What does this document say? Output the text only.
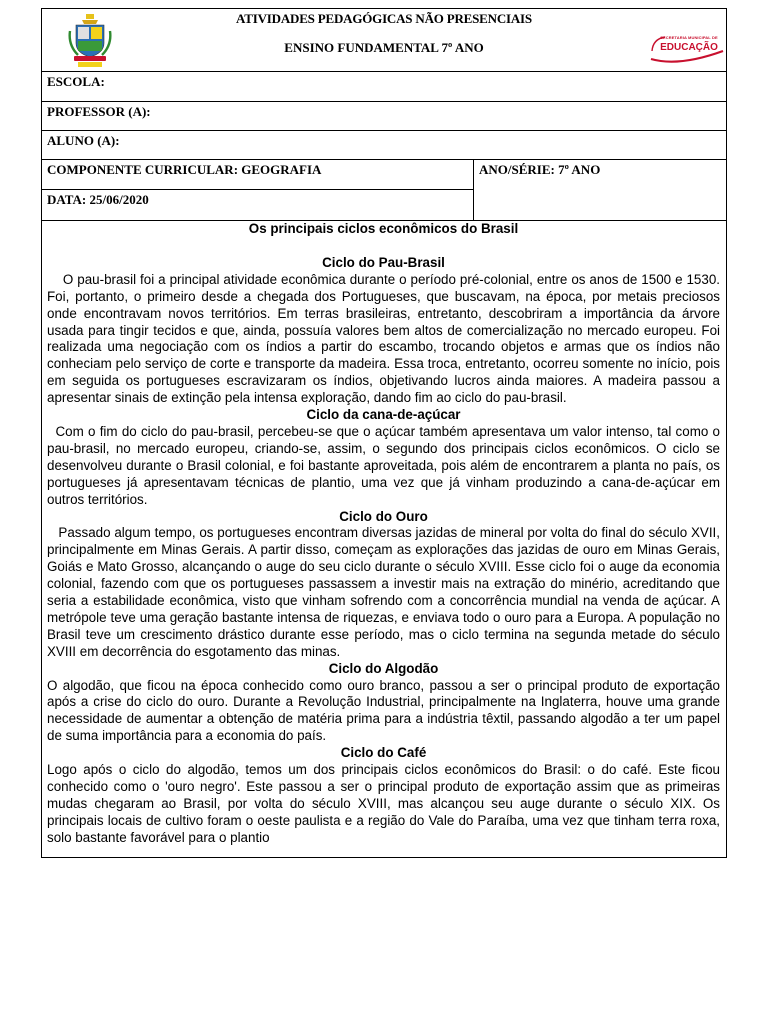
ATIVIDADES PEDAGÓGICAS NÃO PRESENCIAIS
ENSINO FUNDAMENTAL 7º ANO
SECRETARIA MUNICIPAL DE
EDUCAÇÃO
ESCOLA:
PROFESSOR (A):
ALUNO (A):
COMPONENTE CURRICULAR: GEOGRAFIA
DATA: 25/06/2020
ANO/SÉRIE: 7º ANO
Os principais ciclos econômicos do Brasil
Ciclo do Pau-Brasil

O pau-brasil foi a principal atividade econômica durante o período pré-colonial, entre os anos de 1500 e 1530. Foi, portanto, o primeiro desde a chegada dos Portugueses, que buscavam, na época, por metais preciosos onde encontravam novos territórios. Em terras brasileiras, entretanto, descobriram a importância da árvore usada para tingir tecidos e que, ainda, possuía valores bem altos de comercialização no mercado europeu. Foi realizada uma negociação com os índios a partir do escambo, trocando objetos e armas que os índios não conheciam pelo serviço de corte e transporte da madeira. Essa troca, entretanto, ocorreu somente no início, pois em seguida os portugueses escravizaram os índios, objetivando lucros ainda maiores. A madeira passou a apresentar sinais de extinção pela intensa exploração, dando fim ao ciclo do pau-brasil.

Ciclo da cana-de-açúcar

Com o fim do ciclo do pau-brasil, percebeu-se que o açúcar também apresentava um valor intenso, tal como o pau-brasil, no mercado europeu, criando-se, assim, o segundo dos principais ciclos econômicos. O ciclo se desenvolveu durante o Brasil colonial, e foi bastante aproveitada, pois além de encontrarem a planta no país, os portugueses já apresentavam técnicas de plantio, uma vez que já vinham produzindo a cana-de-açúcar em outros territórios.

Ciclo do Ouro

Passado algum tempo, os portugueses encontram diversas jazidas de mineral por volta do final do século XVII, principalmente em Minas Gerais. A partir disso, começam as explorações das jazidas de ouro em Minas Gerais, Goiás e Mato Grosso, alcançando o auge do seu ciclo durante o século XVIII. Esse ciclo foi o auge da economia colonial, fazendo com que os portugueses passassem a investir mais na extração do minério, acreditando que seria a estabilidade econômica, visto que vinham sofrendo com a concorrência mundial na venda de açúcar. A metrópole teve uma geração bastante intensa de riquezas, e enviava todo o ouro para a Europa. A população no Brasil teve um crescimento drástico durante esse período, mas o ciclo termina na segunda metade do século XVIII em decorrência do esgotamento das minas.

Ciclo do Algodão

O algodão, que ficou na época conhecido como ouro branco, passou a ser o principal produto de exportação após a crise do ciclo do ouro. Durante a Revolução Industrial, principalmente na Inglaterra, houve uma grande necessidade de aumentar a obtenção de matéria prima para a indústria têxtil, passando algodão a ter um papel de suma importância para a economia do país.

Ciclo do Café

Logo após o ciclo do algodão, temos um dos principais ciclos econômicos do Brasil: o do café. Este ficou conhecido como o 'ouro negro'. Este passou a ser o principal produto de exportação assim que as primeiras mudas chegaram ao Brasil, por volta do século XVIII, mas alcançou seu auge durante o século XIX. Os principais locais de cultivo foram o oeste paulista e a região do Vale do Paraíba, uma vez que tinham terra roxa, solo bastante favorável para o plantio
